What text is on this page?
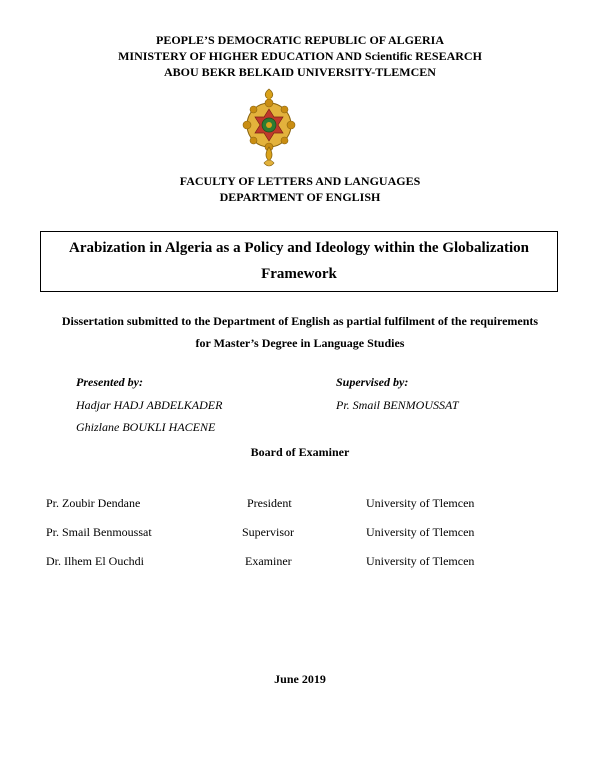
PEOPLE’S DEMOCRATIC REPUBLIC OF ALGERIA
MINISTERY OF HIGHER EDUCATION AND Scientific RESEARCH
ABOU BEKR BELKAID UNIVERSITY-TLEMCEN
FACULTY OF LETTERS AND LANGUAGES
DEPARTMENT OF ENGLISH
Arabization in Algeria as a Policy and Ideology within the Globalization
Framework
Dissertation submitted to the Department of English as partial fulfilment of the requirements
for Master’s Degree in Language Studies
Presented by:
Hadjar HADJ ABDELKADER
Ghizlane BOUKLI HACENE
Supervised by:
Pr. Smail BENMOUSSAT
Board of Examiner
Pr. Zoubir Dendane	President	University of Tlemcen
Pr. Smail Benmoussat	Supervisor	University of Tlemcen
Dr. Ilhem El Ouchdi	Examiner	University of Tlemcen
June 2019
